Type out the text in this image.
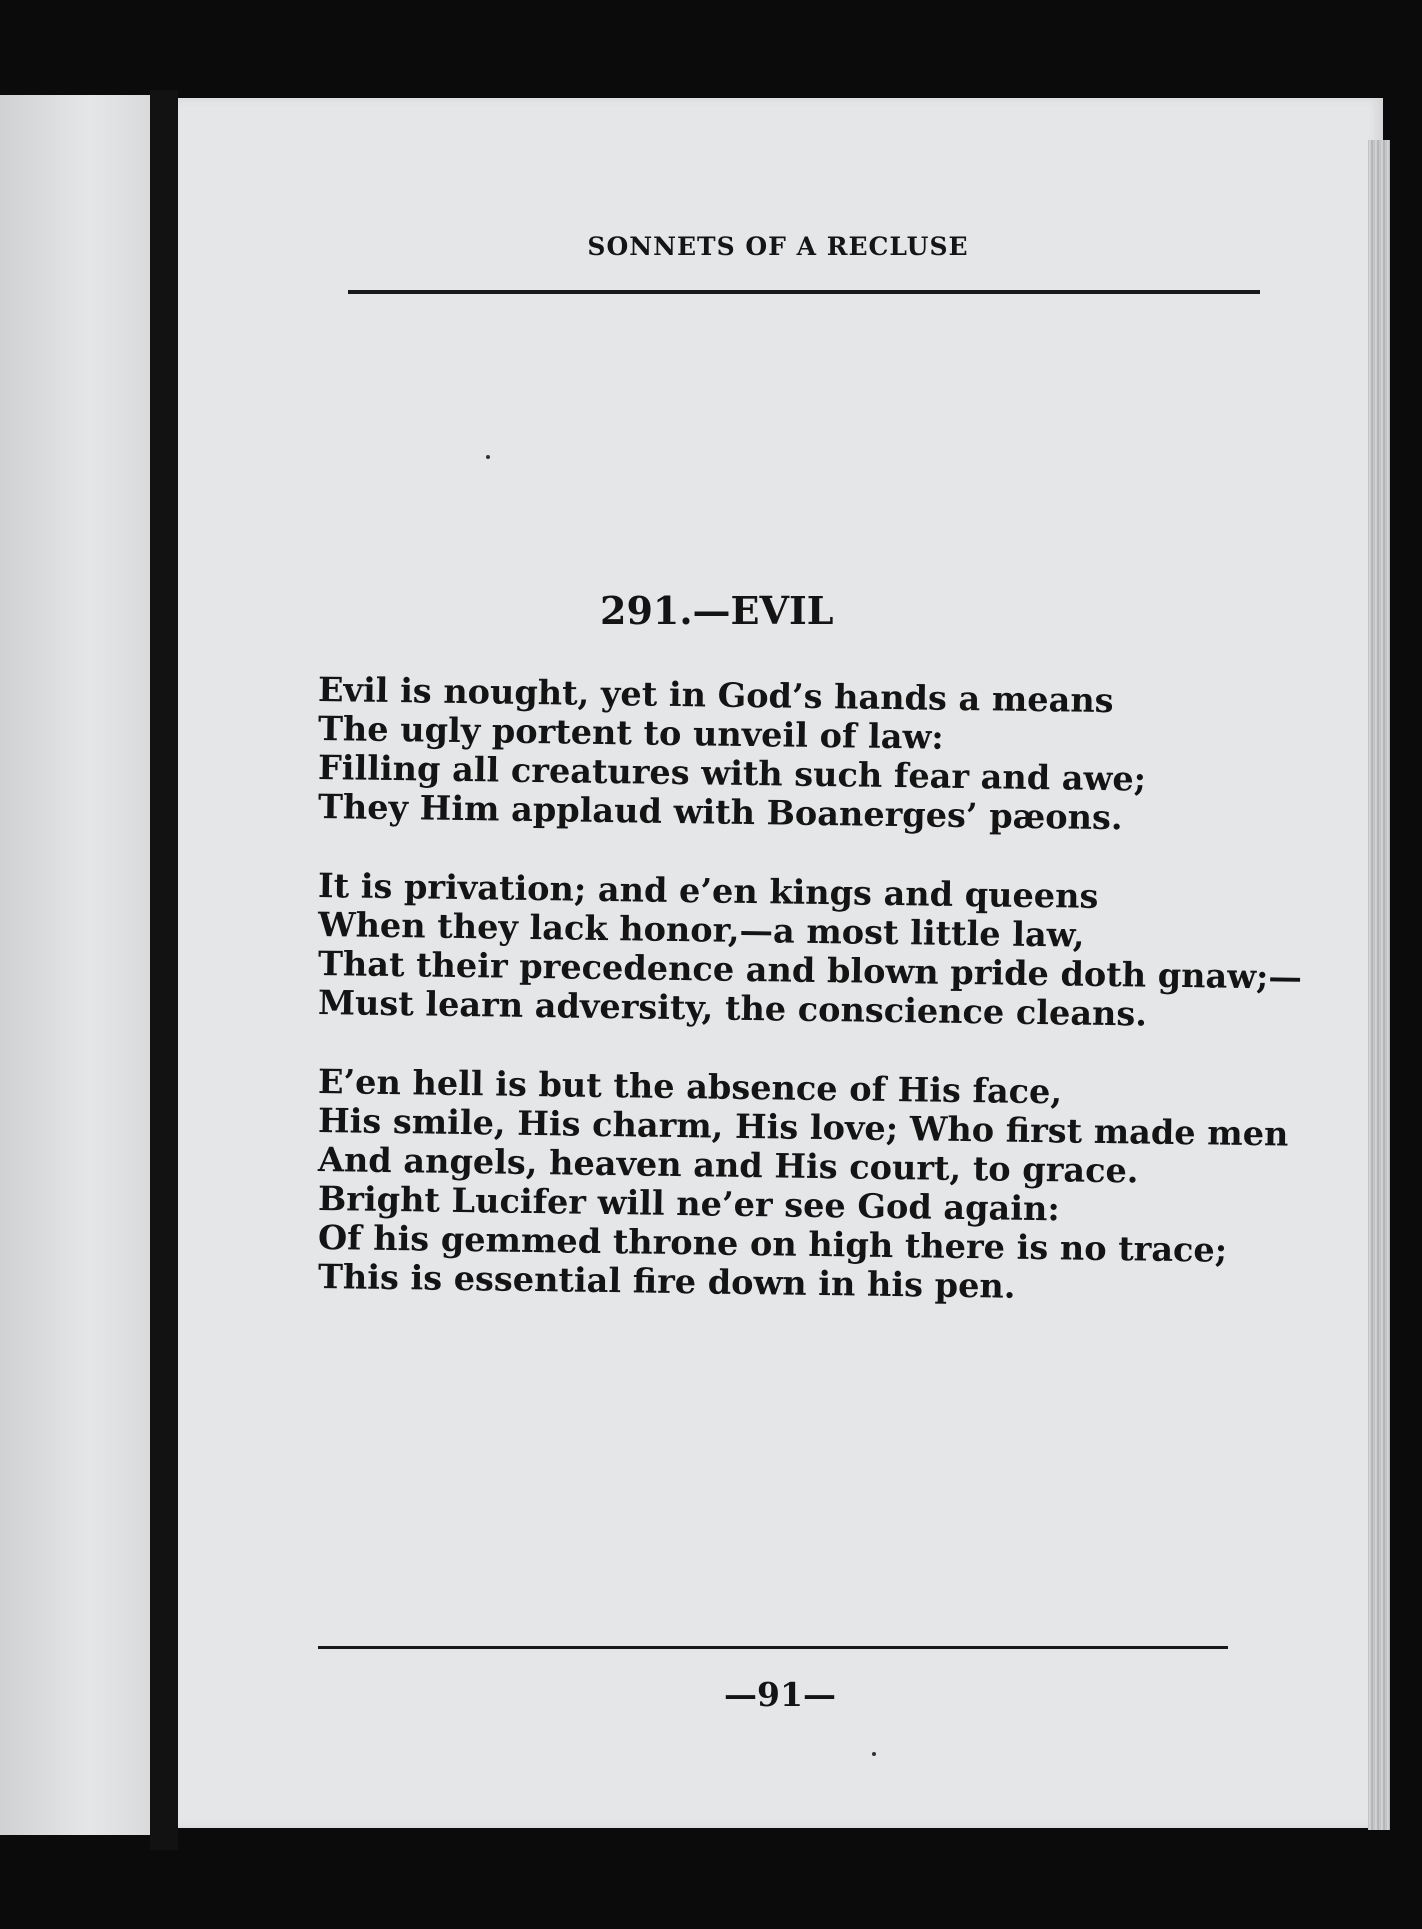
SONNETS OF A RECLUSE
291.—EVIL
Evil is nought, yet in God’s hands a means
The ugly portent to unveil of law:
Filling all creatures with such fear and awe;
They Him applaud with Boanerges’ pæons.
It is privation; and e’en kings and queens
When they lack honor,—a most little law,
That their precedence and blown pride doth gnaw;—
Must learn adversity, the conscience cleans.
E’en hell is but the absence of His face,
His smile, His charm, His love; Who first made men
And angels, heaven and His court, to grace.
Bright Lucifer will ne’er see God again:
Of his gemmed throne on high there is no trace;
This is essential fire down in his pen.
—91—
